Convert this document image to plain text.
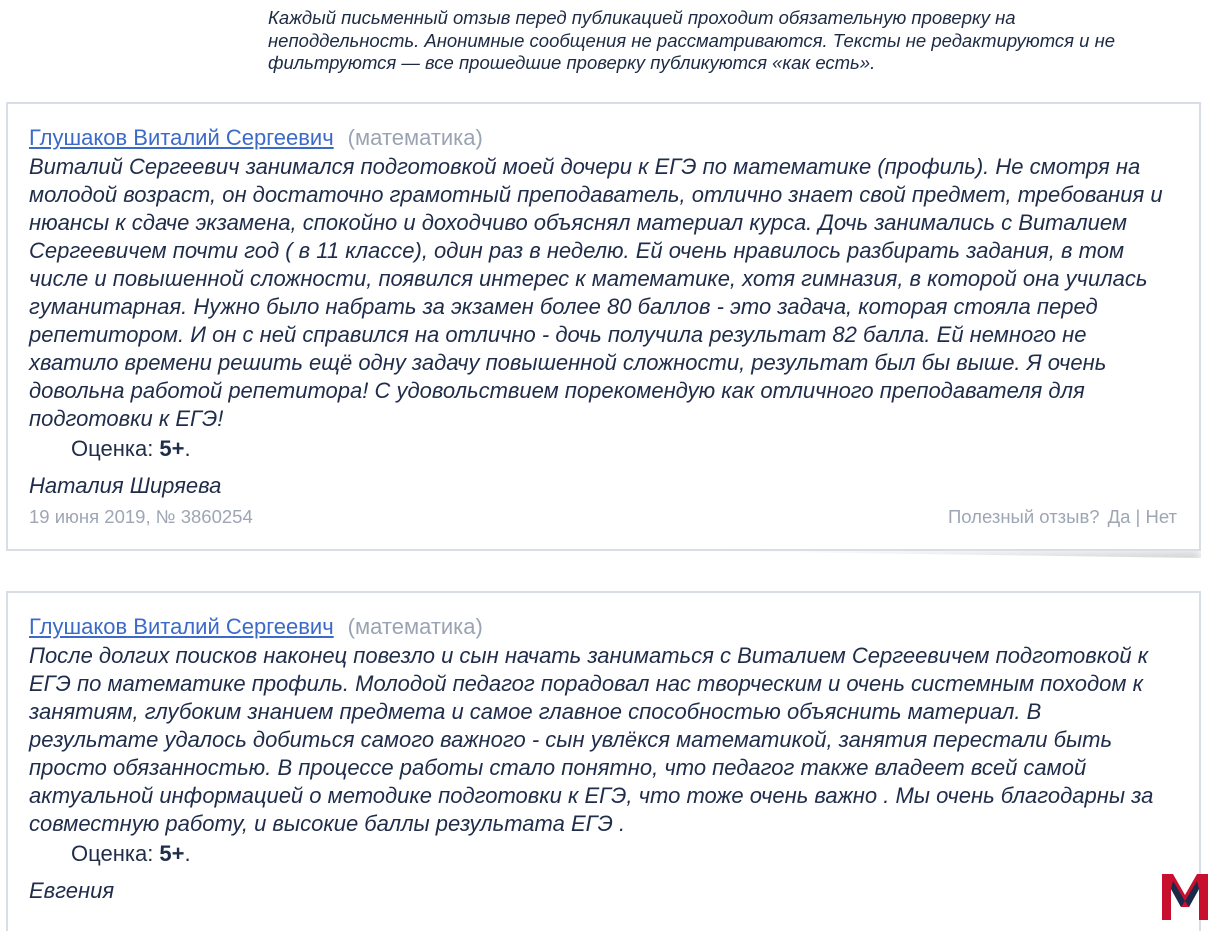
Каждый письменный отзыв перед публикацией проходит обязательную проверку на неподдельность. Анонимные сообщения не рассматриваются. Тексты не редактируются и не фильтруются — все прошедшие проверку публикуются «как есть».
Глушаков Виталий Сергеевич (математика)

Виталий Сергеевич занимался подготовкой моей дочери к ЕГЭ по математике (профиль). Не смотря на молодой возраст, он достаточно грамотный преподаватель, отлично знает свой предмет, требования и нюансы к сдаче экзамена, спокойно и доходчиво объяснял материал курса. Дочь занимались с Виталием Сергеевичем почти год ( в 11 классе), один раз в неделю. Ей очень нравилось разбирать задания, в том числе и повышенной сложности, появился интерес к математике, хотя гимназия, в которой она училась гуманитарная. Нужно было набрать за экзамен более 80 баллов - это задача, которая стояла перед репетитором. И он с ней справился на отлично - дочь получила результат 82 балла. Ей немного не хватило времени решить ещё одну задачу повышенной сложности, результат был бы выше. Я очень довольна работой репетитора! С удовольствием порекомендую как отличного преподавателя для подготовки к ЕГЭ!

Оценка: 5+.
Наталия Ширяева
19 июня 2019, № 3860254	Полезный отзыв? Да | Нет
Глушаков Виталий Сергеевич (математика)

После долгих поисков наконец повезло и сын начать заниматься с Виталием Сергеевичем подготовкой к ЕГЭ по математике профиль. Молодой педагог порадовал нас творческим и очень системным походом к занятиям, глубоким знанием предмета и самое главное способностью объяснить материал. В результате удалось добиться самого важного - сын увлёкся математикой, занятия перестали быть просто обязанностью. В процессе работы стало понятно, что педагог также владеет всей самой актуальной информацией о методике подготовки к ЕГЭ, что тоже очень важно . Мы очень благодарны за совместную работу, и высокие баллы результата ЕГЭ .

Оценка: 5+.
Евгения
